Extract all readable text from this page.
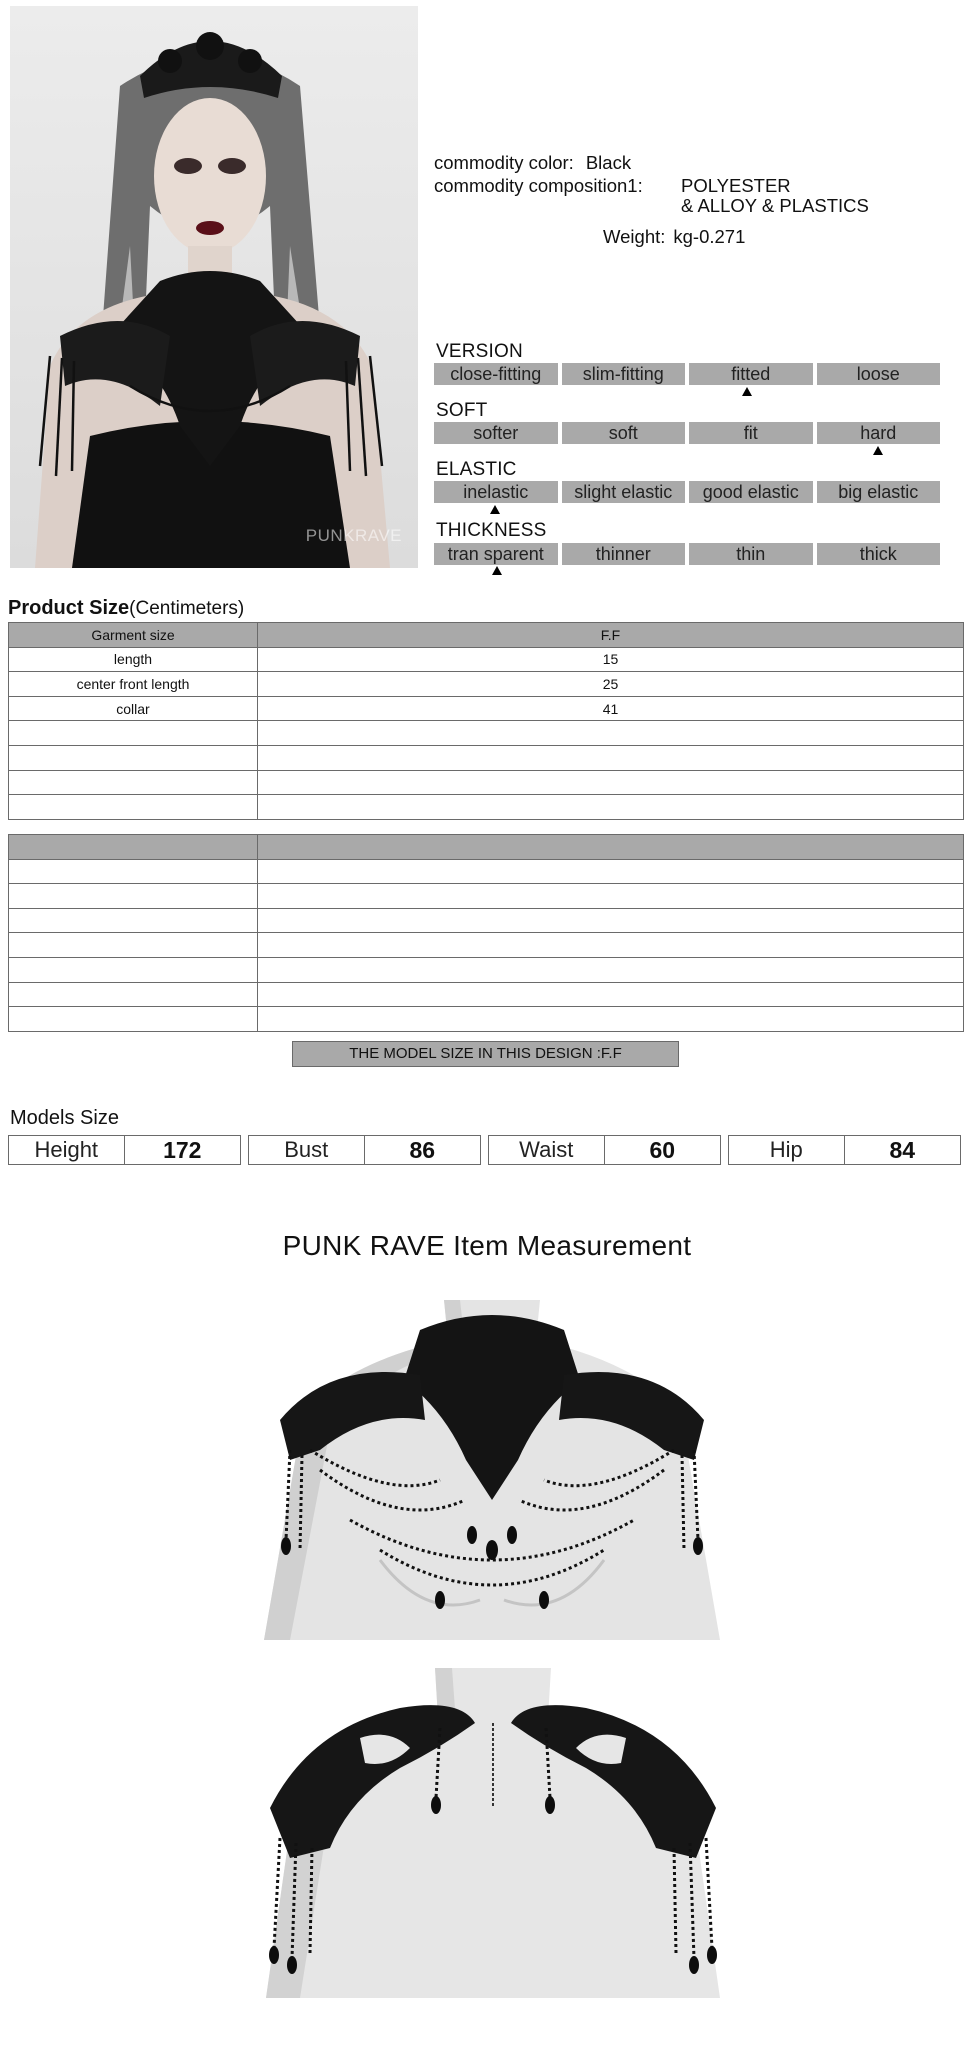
PUNKRAVE
commodity color: Black
commodity composition1: POLYESTER
& ALLOY & PLASTICS
Weight: kg-0.271
VERSION
close-fitting	slim-fitting	fitted	loose
SOFT
softer	soft	fit	hard
ELASTIC
inelastic	slight elastic	good elastic	big elastic
THICKNESS
tran sparent	thinner	thin	thick
Product Size(Centimeters)
Garment size	F.F
length	15
center front length	25
collar	41

THE MODEL SIZE IN THIS DESIGN :F.F
Models Size
Height	172	Bust	86	Waist	60	Hip	84
PUNK RAVE Item Measurement
